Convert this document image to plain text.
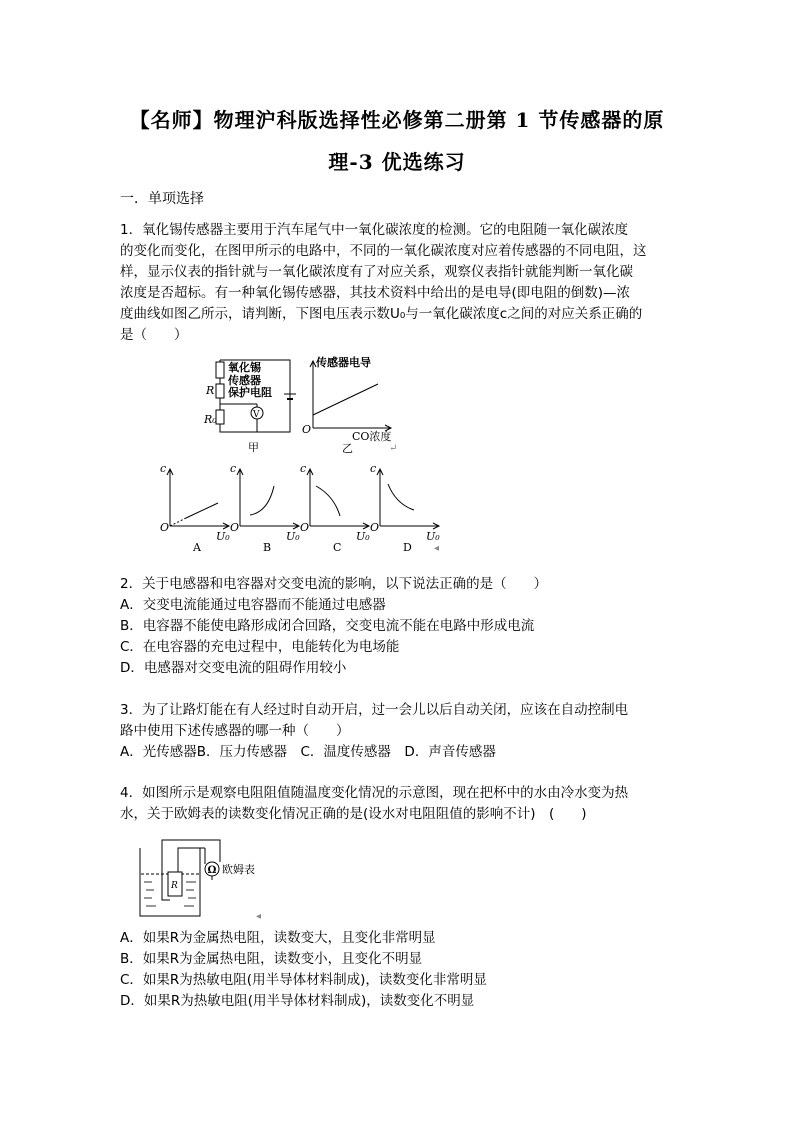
【名师】物理沪科版选择性必修第二册第 1 节传感器的原
理-3 优选练习
一．单项选择

1．氧化锡传感器主要用于汽车尾气中一氧化碳浓度的检测。它的电阻随一氧化碳浓度

的变化而变化，在图甲所示的电路中，不同的一氧化碳浓度对应着传感器的不同电阻，这

样，显示仪表的指针就与一氧化碳浓度有了对应关系，观察仪表指针就能判断一氧化碳

浓度是否超标。有一种氧化锡传感器，其技术资料中给出的是电导(即电阻的倒数)—浓

度曲线如图乙所示，请判断，下图电压表示数U₀与一氧化碳浓度c之间的对应关系正确的

是（　　）

氧化锡
传感器
保护电阻
R
R₀	V
甲
传感器电导
O
CO浓度
乙	↵
c
O
U₀
A
c
O
U₀
B
c
O
U₀
C
c
O
U₀
D ◂
2．关于电感器和电容器对交变电流的影响，以下说法正确的是（　　）
A．交变电流能通过电容器而不能通过电感器
B．电容器不能使电路形成闭合回路，交变电流不能在电路中形成电流
C．在电容器的充电过程中，电能转化为电场能
D．电感器对交变电流的阻碍作用较小
3．为了让路灯能在有人经过时自动开启，过一会儿以后自动关闭，应该在自动控制电
路中使用下述传感器的哪一种（　　）
A．光传感器B．压力传感器　C．温度传感器　D．声音传感器
4．如图所示是观察电阻阻值随温度变化情况的示意图，现在把杯中的水由冷水变为热
水，关于欧姆表的读数变化情况正确的是(设水对电阻阻值的影响不计)　(　　)
Ω 欧姆表
R
◂
A．如果R为金属热电阻，读数变大，且变化非常明显
B．如果R为金属热电阻，读数变小，且变化不明显
C．如果R为热敏电阻(用半导体材料制成)，读数变化非常明显
D．如果R为热敏电阻(用半导体材料制成)，读数变化不明显
